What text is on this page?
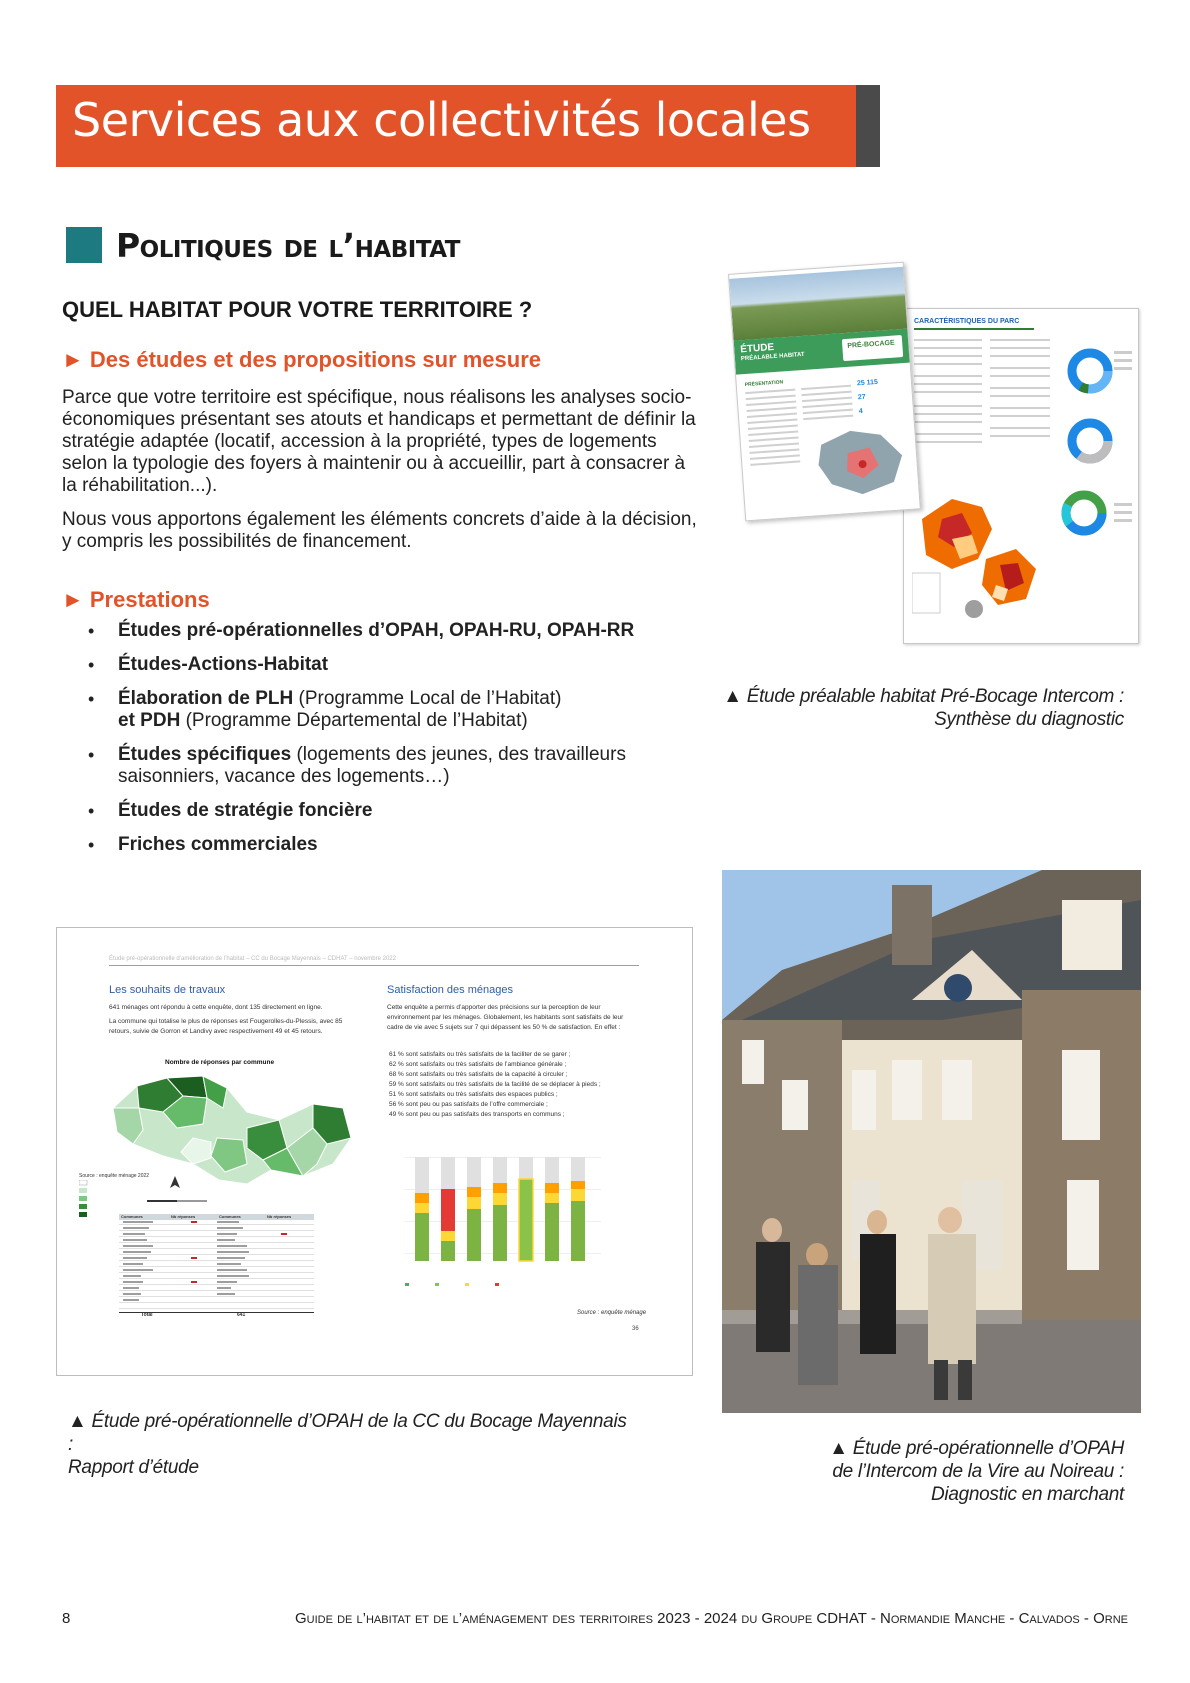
Services aux collectivités locales
Politiques de l’habitat
QUEL HABITAT POUR VOTRE TERRITOIRE ?
► Des études et des propositions sur mesure

Parce que votre territoire est spécifique, nous réalisons les analyses socio-économiques présentant ses atouts et handicaps et permettant de définir la stratégie adaptée (locatif, accession à la propriété, types de logements selon la typologie des foyers à maintenir ou à accueillir, part à consacrer à la réhabilitation...).

Nous vous apportons également les éléments concrets d’aide à la décision, y compris les possibilités de financement.

► Prestations
• Études pré-opérationnelles d’OPAH, OPAH-RU, OPAH-RR
• Études-Actions-Habitat
• Élaboration de PLH (Programme Local de l’Habitat)
et PDH (Programme Départemental de l’Habitat)
• Études spécifiques (logements des jeunes, des travailleurs saisonniers, vacance des logements…)
• Études de stratégie foncière
• Friches commerciales
CARACTÉRISTIQUES DU PARC
ÉTUDE
PRÉALABLE HABITAT
PRÉ-BOCAGE
PRÉSENTATION	25 115
27
4
▲ Étude préalable habitat Pré-Bocage Intercom :
Synthèse du diagnostic
Étude pré-opérationnelle d’amélioration de l’habitat – CC du Bocage Mayennais – CDHAT – novembre 2022
Les souhaits de travaux
641 ménages ont répondu à cette enquête, dont 135 directement en ligne.
La commune qui totalise le plus de réponses est Fougerolles-du-Plessis, avec 85 retours, suivie de Gorron et Landivy avec respectivement 49 et 45 retours.
Nombre de réponses par commune
Source : enquête ménage 2022
Communes	Nb réponses	Communes	Nb réponses
Total	641
Satisfaction des ménages
Cette enquête a permis d’apporter des précisions sur la perception de leur environnement par les ménages. Globalement, les habitants sont satisfaits de leur cadre de vie avec 5 sujets sur 7 qui dépassent les 50 % de satisfaction. En effet :
61 % sont satisfaits ou très satisfaits de la faciliter de se garer ;
62 % sont satisfaits ou très satisfaits de l’ambiance générale ;
68 % sont satisfaits ou très satisfaits de la capacité à circuler ;
59 % sont satisfaits ou très satisfaits de la facilité de se déplacer à pieds ;
51 % sont satisfaits ou très satisfaits des espaces publics ;
56 % sont peu ou pas satisfaits de l’offre commerciale ;
49 % sont peu ou pas satisfaits des transports en communs ;
Source : enquête ménage
36
▲ Étude pré-opérationnelle d’OPAH de la CC du Bocage Mayennais :
Rapport d’étude
▲ Étude pré-opérationnelle d’OPAH
de l’Intercom de la Vire au Noireau :
Diagnostic en marchant
8	Guide de l’habitat et de l’aménagement des territoires 2023 - 2024 du Groupe CDHAT - Normandie Manche - Calvados - Orne
